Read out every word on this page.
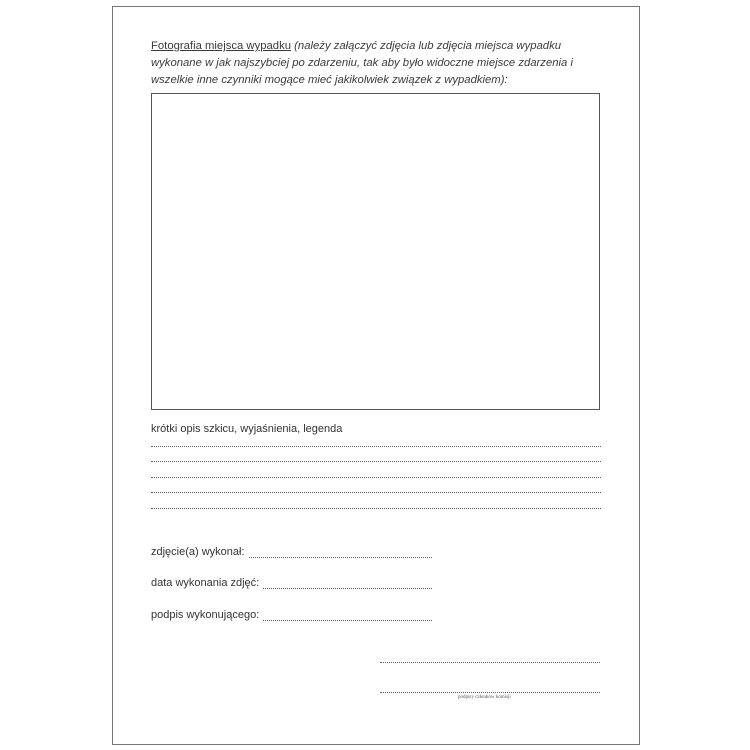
Fotografia miejsca wypadku (należy załączyć zdjęcia lub zdjęcia miejsca wypadku wykonane w jak najszybciej po zdarzeniu, tak aby było widoczne miejsce zdarzenia i wszelkie inne czynniki mogące mieć jakikolwiek związek z wypadkiem):
krótki opis szkicu, wyjaśnienia, legenda
zdjęcie(a) wykonał:
data wykonania zdjęć:
podpis wykonującego:
podpisy członków komisji
